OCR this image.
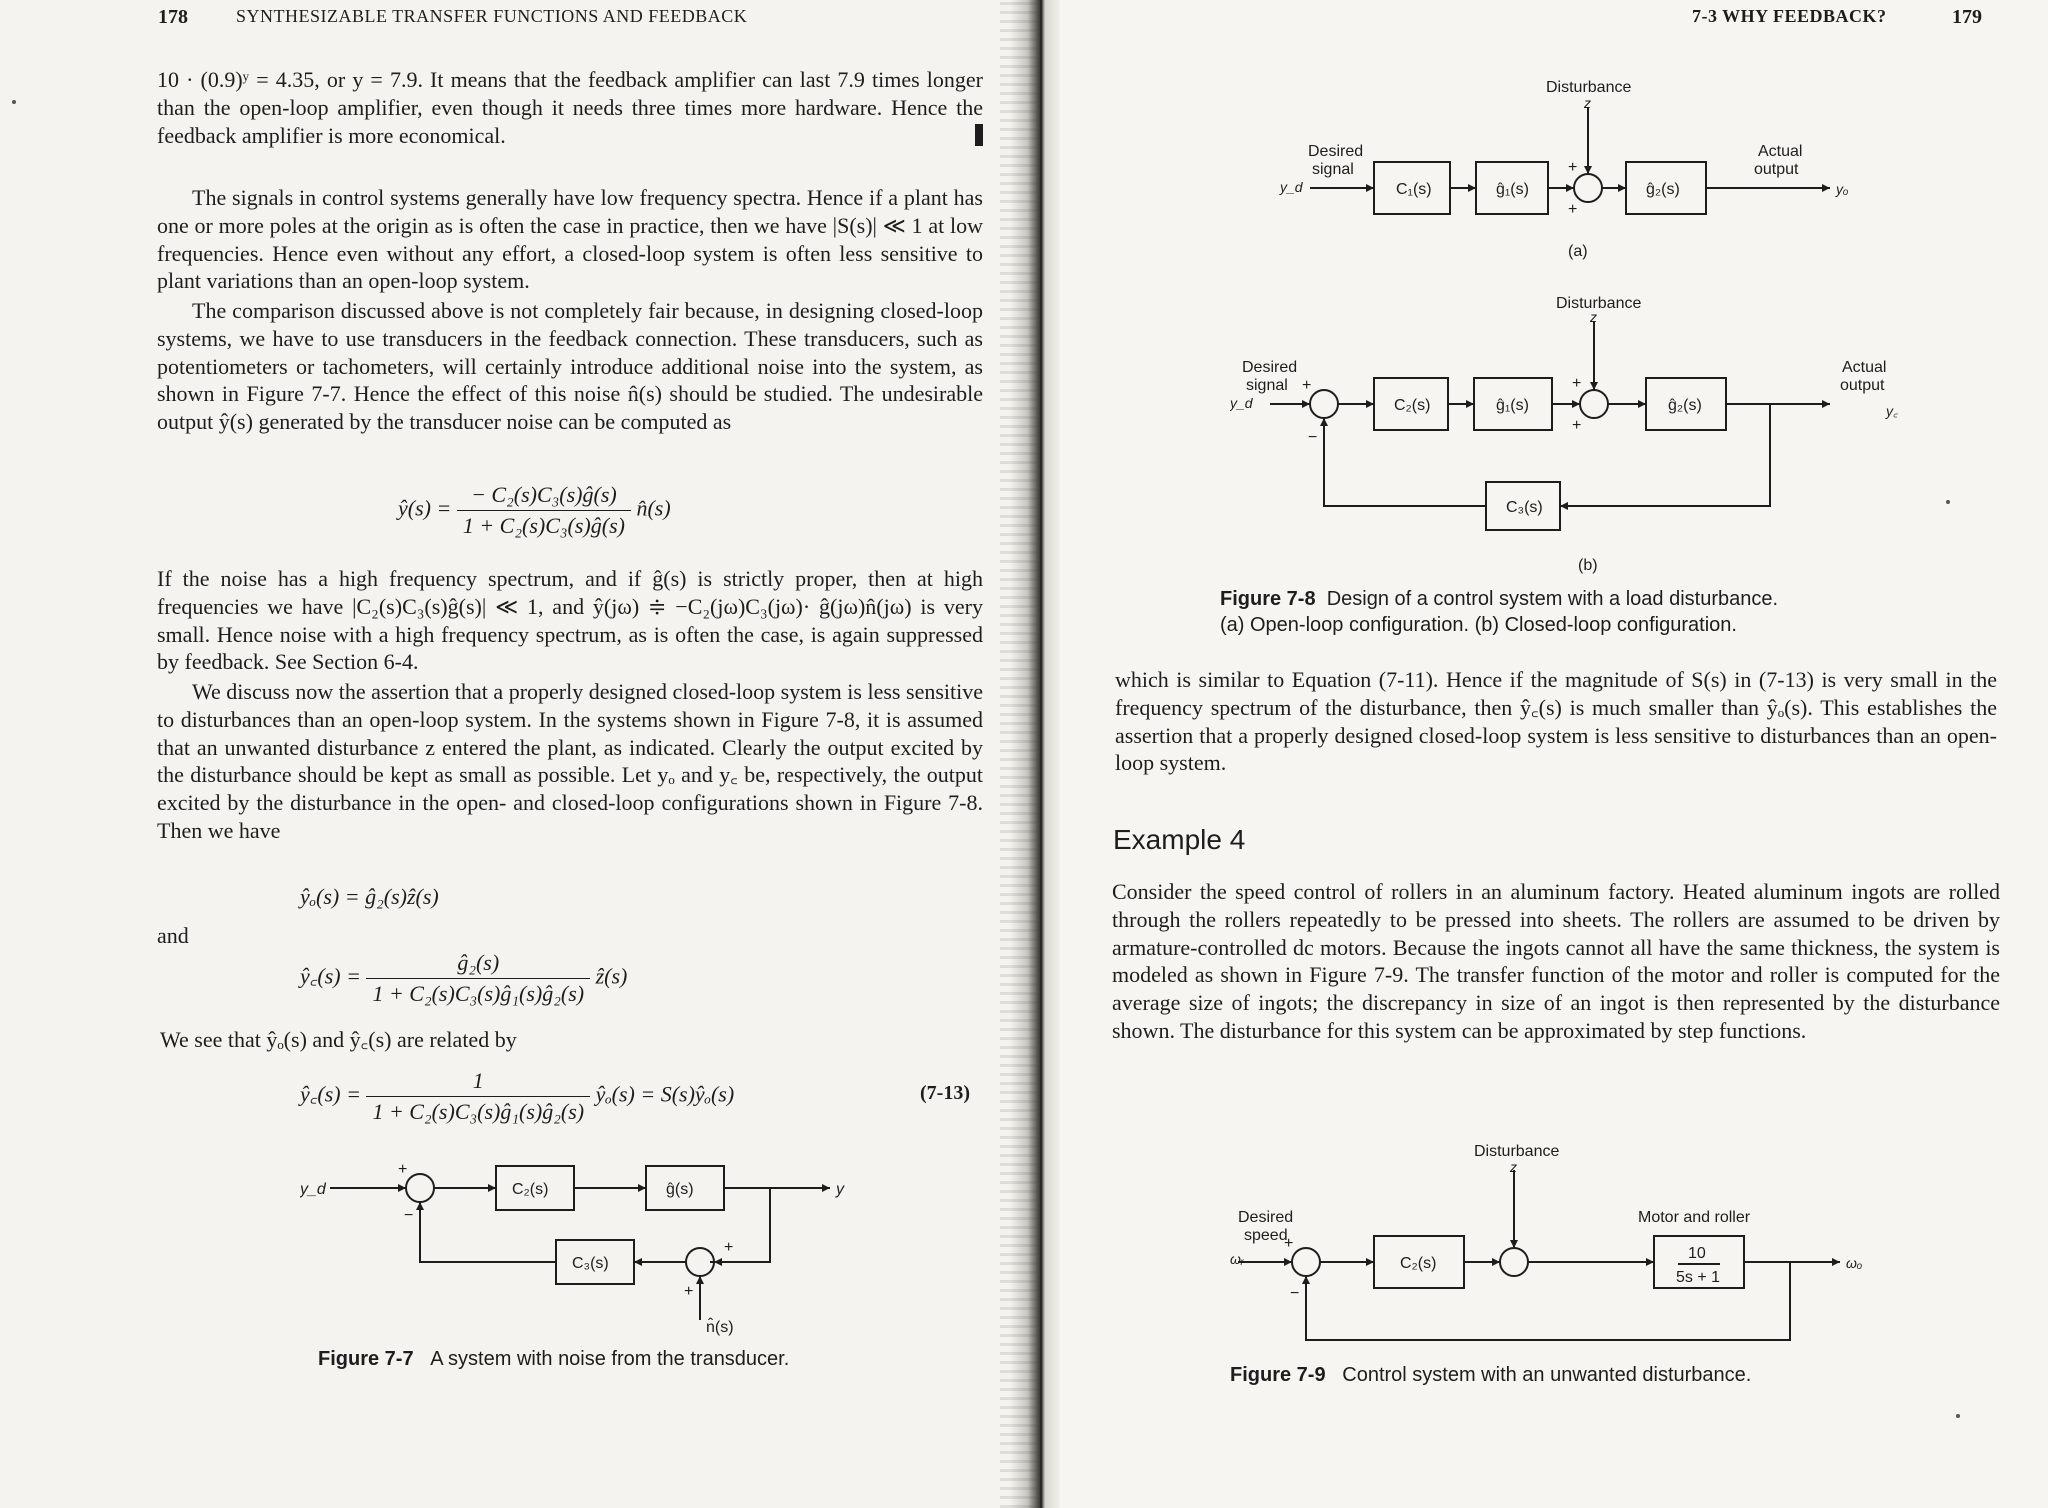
178	SYNTHESIZABLE TRANSFER FUNCTIONS AND FEEDBACK

10 · (0.9)ʸ = 4.35, or y = 7.9. It means that the feedback amplifier can last 7.9 times longer than the open-loop amplifier, even though it needs three times more hardware. Hence the feedback amplifier is more economical.

The signals in control systems generally have low frequency spectra. Hence if a plant has one or more poles at the origin as is often the case in practice, then we have |S(s)| ≪ 1 at low frequencies. Hence even without any effort, a closed-loop system is often less sensitive to plant variations than an open-loop system.

The comparison discussed above is not completely fair because, in designing closed-loop systems, we have to use transducers in the feedback connection. These transducers, such as potentiometers or tachometers, will certainly introduce additional noise into the system, as shown in Figure 7-7. Hence the effect of this noise n̂(s) should be studied. The undesirable output ŷ(s) generated by the transducer noise can be computed as

ŷ(s) = $\frac{\text{− C₂(s)C₃(s)ĝ(s)}}{\text{1 + C₂(s)C₃(s)ĝ(s)}}$ n̂(s)

If the noise has a high frequency spectrum, and if ĝ(s) is strictly proper, then at high frequencies we have |C₂(s)C₃(s)ĝ(s)| ≪ 1, and ŷ(jω) ≑ −C₂(jω)C₃(jω)· ĝ(jω)n̂(jω) is very small. Hence noise with a high frequency spectrum, as is often the case, is again suppressed by feedback. See Section 6-4.

We discuss now the assertion that a properly designed closed-loop system is less sensitive to disturbances than an open-loop system. In the systems shown in Figure 7-8, it is assumed that an unwanted disturbance z entered the plant, as indicated. Clearly the output excited by the disturbance should be kept as small as possible. Let yₒ and y꜀ be, respectively, the output excited by the disturbance in the open- and closed-loop configurations shown in Figure 7-8. Then we have

ŷₒ(s) = ĝ₂(s)ẑ(s)
and
ŷ꜀(s) = $\frac{\text{ĝ₂(s)}}{\text{1 + C₂(s)C₃(s)ĝ₁(s)ĝ₂(s)}}$ ẑ(s)
We see that ŷₒ(s) and ŷ꜀(s) are related by
ŷ꜀(s) = $\frac{1}{\text{1 + C₂(s)C₃(s)ĝ₁(s)ĝ₂(s)}}$ ŷₒ(s) = S(s)ŷₒ(s)	(7-13)
y_d	y
C₂(s)	ĝ(s)
C₃(s)
n̂(s)
+
−
+
+
Figure 7-7 A system with noise from the transducer.
7-3 WHY FEEDBACK?	179
Disturbance
z
Desired
signal
y_d	C₁(s)	ĝ₁(s)	ĝ₂(s)
Actual
output
yₒ
+
+
(a)
Disturbance
z
Desired
signal
y_d	C₂(s)	ĝ₁(s)	ĝ₂(s)
C₃(s)
Actual
output
y꜀
+
−
+
+
(b)
Figure 7-8 Design of a control system with a load disturbance.
(a) Open-loop configuration. (b) Closed-loop configuration.

which is similar to Equation (7-11). Hence if the magnitude of S(s) in (7-13) is very small in the frequency spectrum of the disturbance, then ŷ꜀(s) is much smaller than ŷₒ(s). This establishes the assertion that a properly designed closed-loop system is less sensitive to disturbances than an open-loop system.

Example 4

Consider the speed control of rollers in an aluminum factory. Heated aluminum ingots are rolled through the rollers repeatedly to be pressed into sheets. The rollers are assumed to be driven by armature-controlled dc motors. Because the ingots cannot all have the same thickness, the system is modeled as shown in Figure 7-9. The transfer function of the motor and roller is computed for the average size of ingots; the discrepancy in size of an ingot is then represented by the disturbance shown. The disturbance for this system can be approximated by step functions.

Disturbance
z
Desired
speed
ωᵣ	C₂(s)
Motor and roller
10
5s + 1
ωₒ
+
−
Figure 7-9 Control system with an unwanted disturbance.
